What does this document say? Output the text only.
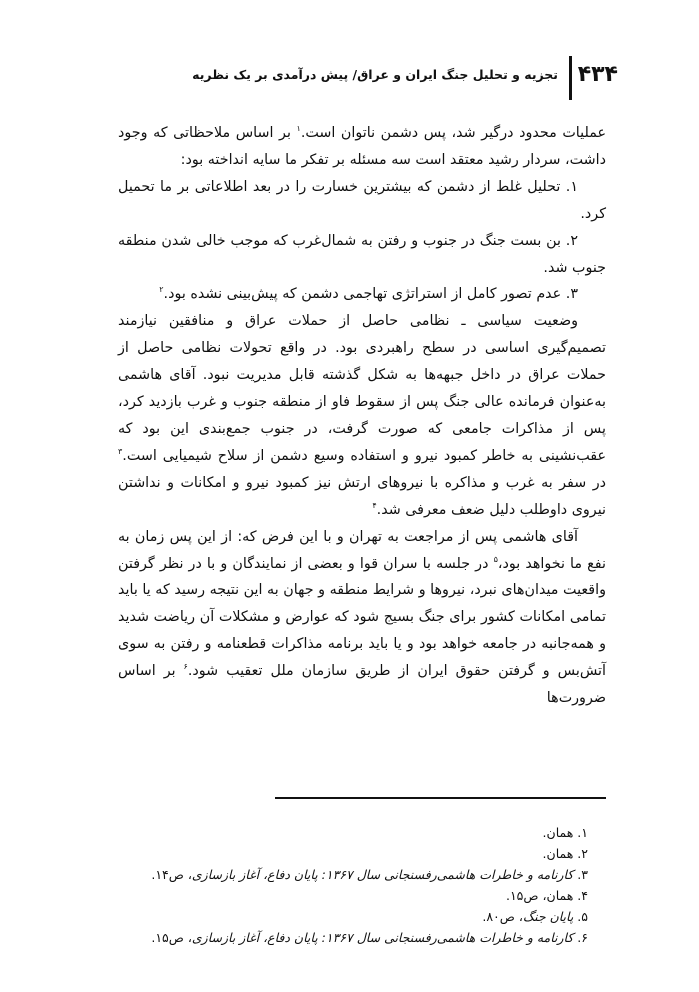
۴۳۴
تجزیه و تحلیل جنگ ایران و عراق/ پیش درآمدی بر یک نظریه

عملیات محدود درگیر شد، پس دشمن ناتوان است.$^۱$ بر اساس ملاحظاتی که وجود داشت، سردار رشید معتقد است سه مسئله بر تفکر ما سایه انداخته بود:

۱. تحلیل غلط از دشمن که بیشترین خسارت را در بعد اطلاعاتی بر ما تحمیل کرد.

۲. بن بست جنگ در جنوب و رفتن به شمال‌غرب که موجب خالی شدن منطقه جنوب شد.

۳. عدم تصور کامل از استراتژی تهاجمی دشمن که پیش‌بینی نشده بود.$^۲$

وضعیت سیاسی ـ نظامی حاصل از حملات عراق و منافقین نیازمند تصمیم‌گیری اساسی در سطح راهبردی بود. در واقع تحولات نظامی حاصل از حملات عراق در داخل جبهه‌ها به شکل گذشته قابل مدیریت نبود. آقای هاشمی به‌عنوان فرمانده عالی جنگ پس از سقوط فاو از منطقه جنوب و غرب بازدید کرد، پس از مذاکرات جامعی که صورت گرفت، در جنوب جمع‌بندی این بود که عقب‌نشینی به خاطر کمبود نیرو و استفاده وسیع دشمن از سلاح شیمیایی است.$^۳$ در سفر به غرب و مذاکره با نیروهای ارتش نیز کمبود نیرو و امکانات و نداشتن نیروی داوطلب دلیل ضعف معرفی شد.$^۴$

آقای هاشمی پس از مراجعت به تهران و با این فرض که: از این پس زمان به نفع ما نخواهد بود،$^۵$ در جلسه با سران قوا و بعضی از نمایندگان و با در نظر گرفتن واقعیت میدان‌های نبرد، نیروها و شرایط منطقه و جهان به این نتیجه رسید که یا باید تمامی امکانات کشور برای جنگ بسیج شود که عوارض و مشکلات آن ریاضت شدید و همه‌جانبه در جامعه خواهد بود و یا باید برنامه مذاکرات قطعنامه و رفتن به سوی آتش‌بس و گرفتن حقوق ایران از طریق سازمان ملل تعقیب شود.$^۶$ بر اساس ضرورت‌ها

۱. همان.
۲. همان.
۳. کارنامه و خاطرات هاشمی‌رفسنجانی سال ۱۳۶۷: پایان دفاع، آغاز بازسازی، ص۱۴.
۴. همان، ص۱۵.
۵. پایان جنگ، ص۸۰.
۶. کارنامه و خاطرات هاشمی‌رفسنجانی سال ۱۳۶۷: پایان دفاع، آغاز بازسازی، ص۱۵.
